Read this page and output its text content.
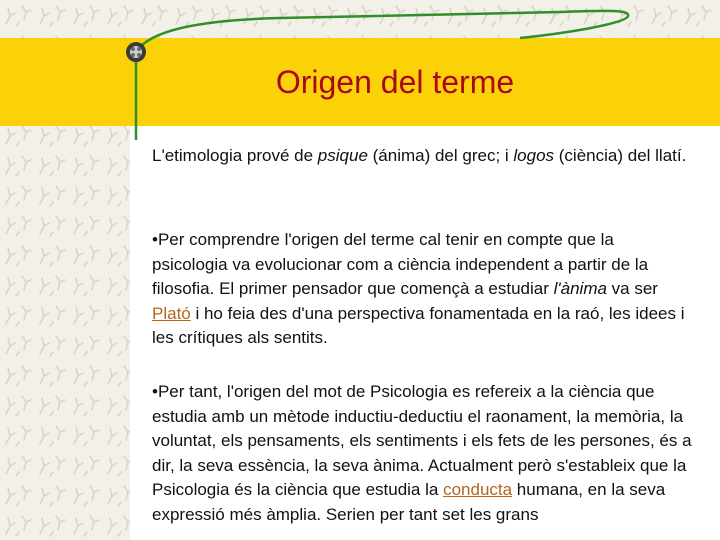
Origen del terme
L'etimologia prové de psique (ánima) del grec; i logos (ciència) del llatí.
•Per comprendre l'origen del terme cal tenir en compte que la psicologia va evolucionar com a ciència independent a partir de la filosofia. El primer pensador que començà a estudiar l'ànima va ser Plató i ho feia des d'una perspectiva fonamentada en la raó, les idees i les crítiques als sentits.
•Per tant, l'origen del mot de Psicologia es refereix a la ciència que estudia amb un mètode inductiu-deductiu el raonament, la memòria, la voluntat, els pensaments, els sentiments i els fets de les persones, és a dir, la seva essència, la seva ànima. Actualment però s'estableix que la Psicologia és la ciència que estudia la conducta humana, en la seva expressió més àmplia. Serien per tant set les grans
